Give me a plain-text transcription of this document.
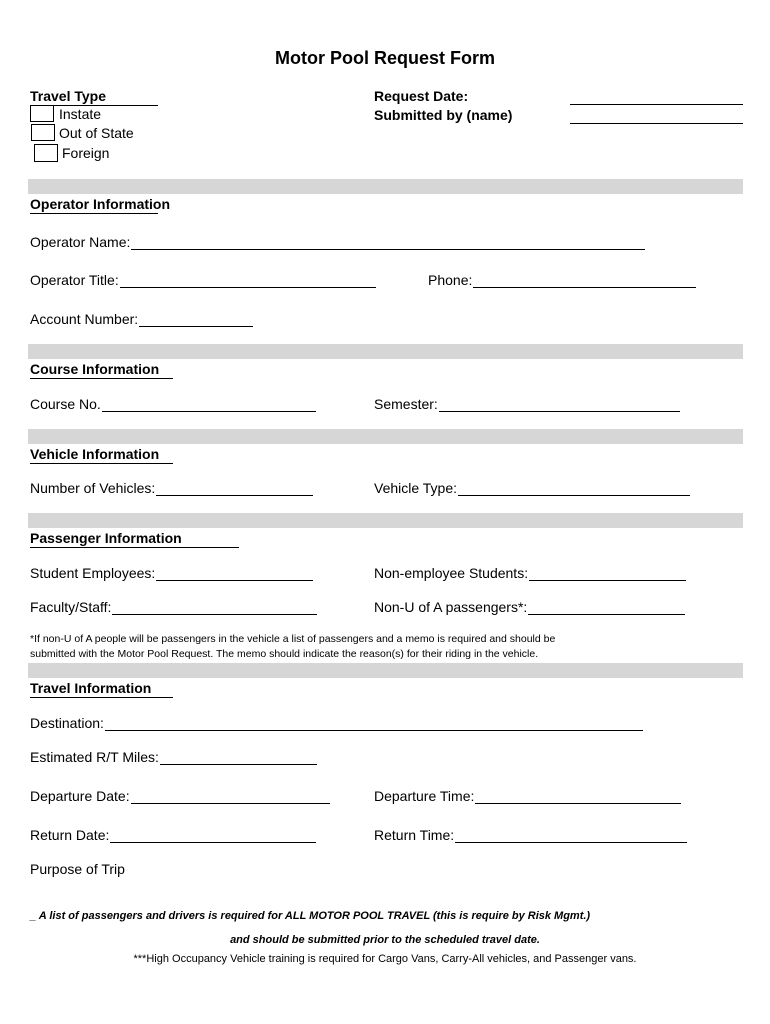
Motor Pool Request Form
Travel Type
Instate
Out of State
Foreign
Request Date:
Submitted by (name)
Operator Information
Operator Name:
Operator Title:	Phone:
Account Number:
Course Information
Course No.	Semester:
Vehicle Information
Number of Vehicles:	Vehicle Type:
Passenger Information
Student Employees:	Non-employee Students:
Faculty/Staff:	Non-U of A passengers*:
*If non-U of A people will be passengers in the vehicle a list of passengers and a memo is required and should be
submitted with the Motor Pool Request. The memo should indicate the reason(s) for their riding in the vehicle.
Travel Information
Destination:
Estimated R/T Miles:
Departure Date:	Departure Time:
Return Date:	Return Time:
Purpose of Trip
_ A list of passengers and drivers is required for ALL MOTOR POOL TRAVEL (this is require by Risk Mgmt.)
and should be submitted prior to the scheduled travel date.
***High Occupancy Vehicle training is required for Cargo Vans, Carry-All vehicles, and Passenger vans.
